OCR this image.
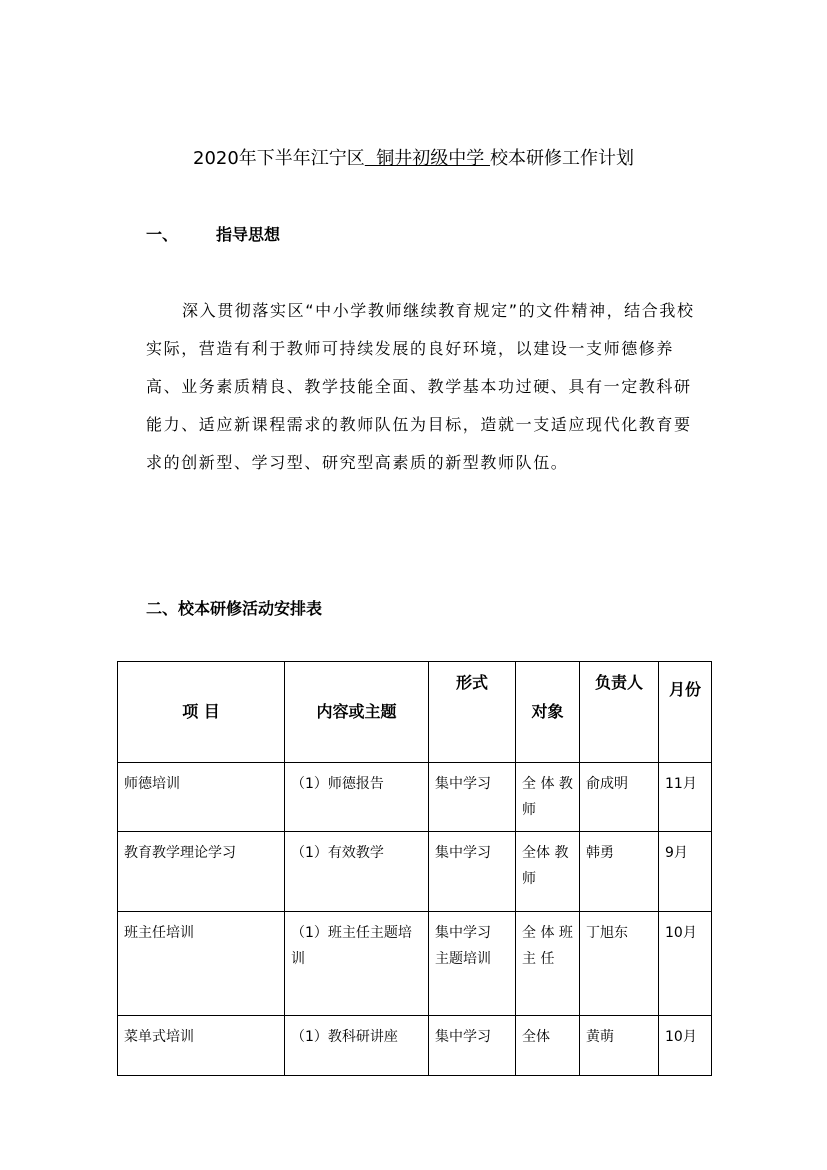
2020年下半年江宁区  铜井初级中学 校本研修工作计划
一、 指导思想

深入贯彻落实区“中小学教师继续教育规定”的文件精神，结合我校实际，营造有利于教师可持续发展的良好环境，以建设一支师德修养高、业务素质精良、教学技能全面、教学基本功过硬、具有一定教科研能力、适应新课程需求的教师队伍为目标，造就一支适应现代化教育要求的创新型、学习型、研究型高素质的新型教师队伍。

二、校本研修活动安排表
项 目	内容或主题	形式	对象	负责人	月份
师德培训	（1）师德报告	集中学习	全 体 教师	俞成明	11月
教育教学理论学习	（1）有效教学	集中学习	全体 教师	韩勇	9月
班主任培训	（1）班主任主题培训	集中学习 主题培训	全 体 班 主 任	丁旭东	10月
菜单式培训	（1）教科研讲座	集中学习	全体	黄萌	10月
